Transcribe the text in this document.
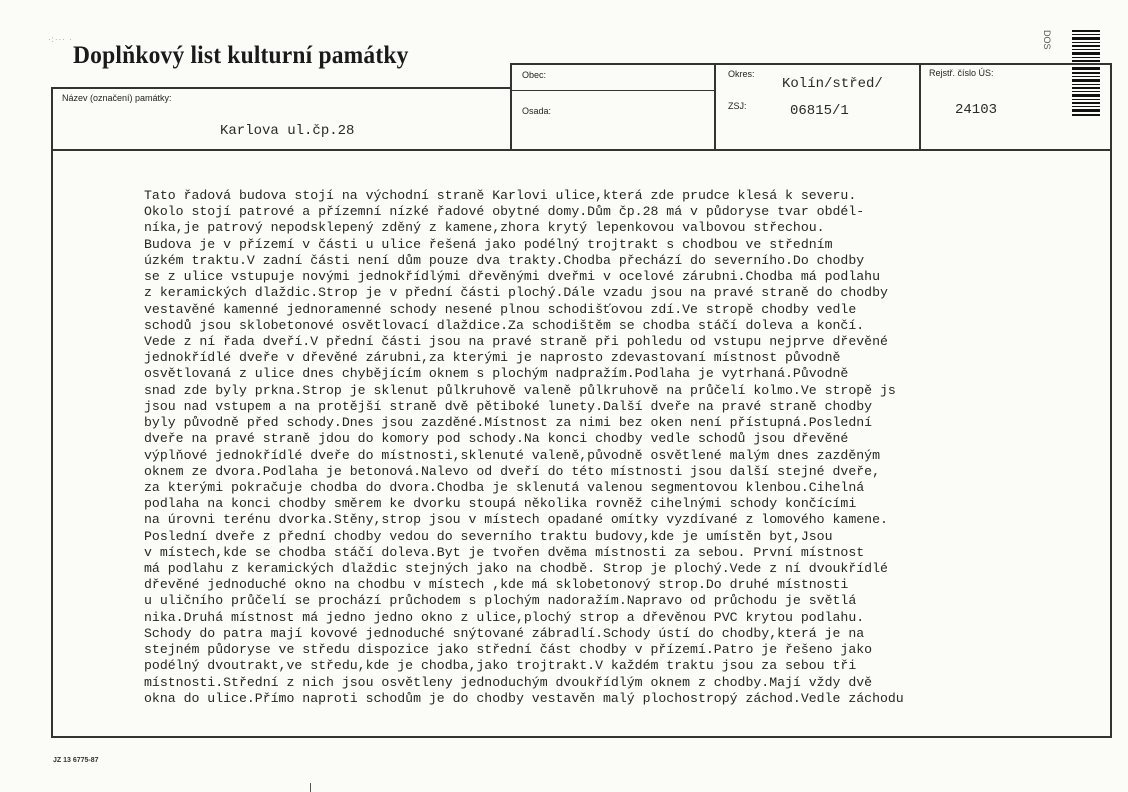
·:··· ·
Doplňkový list kulturní památky
DOS
Název (označení) památky:
Karlova ul.čp.28
Obec:
Osada:
Okres:
Kolín/střed/
ZSJ:	06815/1
Rejstř. číslo ÚS:
24103
Tato řadová budova stojí na východní straně Karlovi ulice,která zde prudce klesá k severu.
Okolo stojí patrové a přízemní nízké řadové obytné domy.Dům čp.28 má v půdoryse tvar obdél-
níka,je patrový nepodsklepený zděný z kamene,zhora krytý lepenkovou valbovou střechou.
Budova je v přízemí v části u ulice řešená jako podélný trojtrakt s chodbou ve středním
úzkém traktu.V zadní části není dům pouze dva trakty.Chodba přechází do severního.Do chodby
se z ulice vstupuje novými jednokřídlými dřevěnými dveřmi v ocelové zárubni.Chodba má podlahu
z keramických dlaždic.Strop je v přední části plochý.Dále vzadu jsou na pravé straně do chodby
vestavěné kamenné jednoramenné schody nesené plnou schodišťovou zdí.Ve stropě chodby vedle
schodů jsou sklobetonové osvětlovací dlaždice.Za schodištěm se chodba stáčí doleva a končí.
Vede z ní řada dveří.V přední části jsou na pravé straně při pohledu od vstupu nejprve dřevěné
jednokřídlé dveře v dřevěné zárubni,za kterými je naprosto zdevastovaní místnost původně
osvětlovaná z ulice dnes chybějícím oknem s plochým nadpražím.Podlaha je vytrhaná.Původně
snad zde byly prkna.Strop je sklenut půlkruhově valeně půlkruhově na průčelí kolmo.Ve stropě js
jsou nad vstupem a na protější straně dvě pětiboké lunety.Další dveře na pravé straně chodby
byly původně před schody.Dnes jsou zazděné.Místnost za nimi bez oken není přístupná.Poslední
dveře na pravé straně jdou do komory pod schody.Na konci chodby vedle schodů jsou dřevěné
výplňové jednokřídlé dveře do místnosti,sklenuté valeně,původně osvětlené malým dnes zazděným
oknem ze dvora.Podlaha je betonová.Nalevo od dveří do této místnosti jsou další stejné dveře,
za kterými pokračuje chodba do dvora.Chodba je sklenutá valenou segmentovou klenbou.Cihelná
podlaha na konci chodby směrem ke dvorku stoupá několika rovněž cihelnými schody končícími
na úrovni terénu dvorka.Stěny,strop jsou v místech opadané omítky vyzdívané z lomového kamene.
Poslední dveře z přední chodby vedou do severního traktu budovy,kde je umístěn byt,Jsou
v místech,kde se chodba stáčí doleva.Byt je tvořen dvěma místnosti za sebou. První místnost
má podlahu z keramických dlaždic stejných jako na chodbě. Strop je plochý.Vede z ní dvoukřídlé
dřevěné jednoduché okno na chodbu v místech ,kde má sklobetonový strop.Do druhé místnosti
u uličního průčelí se prochází průchodem s plochým nadoražím.Napravo od průchodu je světlá
nika.Druhá místnost má jedno jedno okno z ulice,plochý strop a dřevěnou PVC krytou podlahu.
Schody do patra mají kovové jednoduché snýtované zábradlí.Schody ústí do chodby,která je na
stejném půdoryse ve středu dispozice jako střední část chodby v přízemí.Patro je řešeno jako
podélný dvoutrakt,ve středu,kde je chodba,jako trojtrakt.V každém traktu jsou za sebou tři
místnosti.Střední z nich jsou osvětleny jednoduchým dvoukřídlým oknem z chodby.Mají vždy dvě
okna do ulice.Přímo naproti schodům je do chodby vestavěn malý plochostropý záchod.Vedle záchodu
JZ 13 6775-87
